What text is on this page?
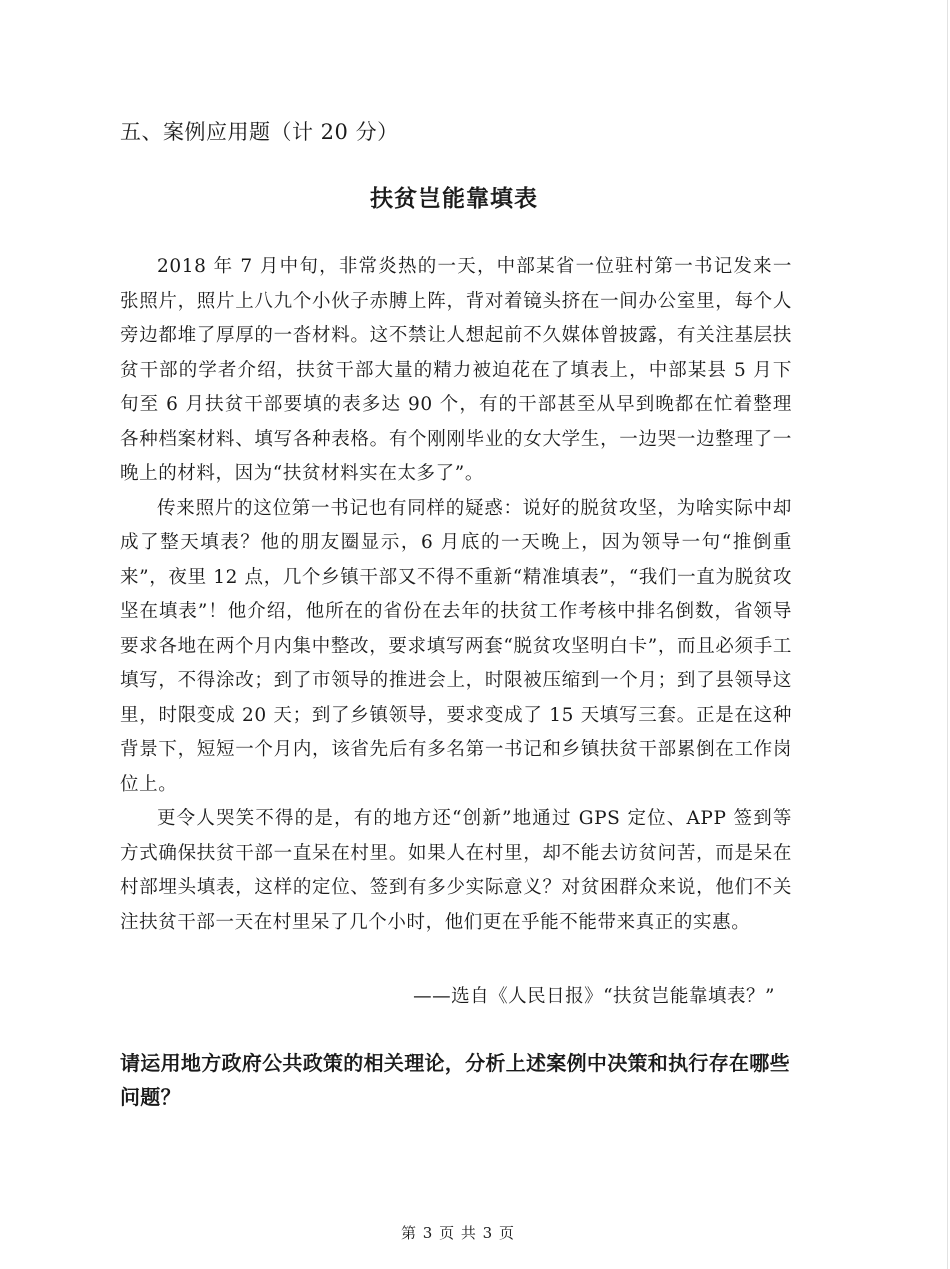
五、案例应用题（计 20 分）
扶贫岂能靠填表

2018 年 7 月中旬，非常炎热的一天，中部某省一位驻村第一书记发来一张照片，照片上八九个小伙子赤膊上阵，背对着镜头挤在一间办公室里，每个人旁边都堆了厚厚的一沓材料。这不禁让人想起前不久媒体曾披露，有关注基层扶贫干部的学者介绍，扶贫干部大量的精力被迫花在了填表上，中部某县 5 月下旬至 6 月扶贫干部要填的表多达 90 个，有的干部甚至从早到晚都在忙着整理各种档案材料、填写各种表格。有个刚刚毕业的女大学生，一边哭一边整理了一晚上的材料，因为“扶贫材料实在太多了”。

传来照片的这位第一书记也有同样的疑惑：说好的脱贫攻坚，为啥实际中却成了整天填表？他的朋友圈显示，6 月底的一天晚上，因为领导一句“推倒重来”，夜里 12 点，几个乡镇干部又不得不重新“精准填表”，“我们一直为脱贫攻坚在填表”！他介绍，他所在的省份在去年的扶贫工作考核中排名倒数，省领导要求各地在两个月内集中整改，要求填写两套“脱贫攻坚明白卡”，而且必须手工填写，不得涂改；到了市领导的推进会上，时限被压缩到一个月；到了县领导这里，时限变成 20 天；到了乡镇领导，要求变成了 15 天填写三套。正是在这种背景下，短短一个月内，该省先后有多名第一书记和乡镇扶贫干部累倒在工作岗位上。

更令人哭笑不得的是，有的地方还“创新”地通过 GPS 定位、APP 签到等方式确保扶贫干部一直呆在村里。如果人在村里，却不能去访贫问苦，而是呆在村部埋头填表，这样的定位、签到有多少实际意义？对贫困群众来说，他们不关注扶贫干部一天在村里呆了几个小时，他们更在乎能不能带来真正的实惠。

——选自《人民日报》“扶贫岂能靠填表？”

请运用地方政府公共政策的相关理论，分析上述案例中决策和执行存在哪些问题？

第 3 页 共 3 页
